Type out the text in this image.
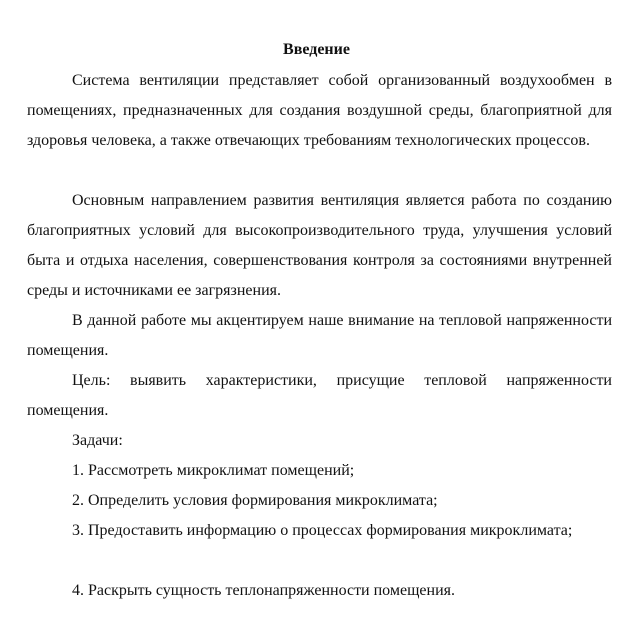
Введение

Система вентиляции представляет собой организованный воздухообмен в помещениях, предназначенных для создания воздушной среды, благоприятной для здоровья человека, а также отвечающих требованиям технологических процессов.

Основным направлением развития вентиляция является работа по созданию благоприятных условий для высокопроизводительного труда, улучшения условий быта и отдыха населения, совершенствования контроля за состояниями внутренней среды и источниками ее загрязнения.

В данной работе мы акцентируем наше внимание на тепловой напряженности помещения.

Цель: выявить характеристики, присущие тепловой напряженности помещения.

Задачи:

1. Рассмотреть микроклимат помещений;

2. Определить условия формирования микроклимата;

3. Предоставить информацию о процессах формирования микроклимата;

4. Раскрыть сущность теплонапряженности помещения.
